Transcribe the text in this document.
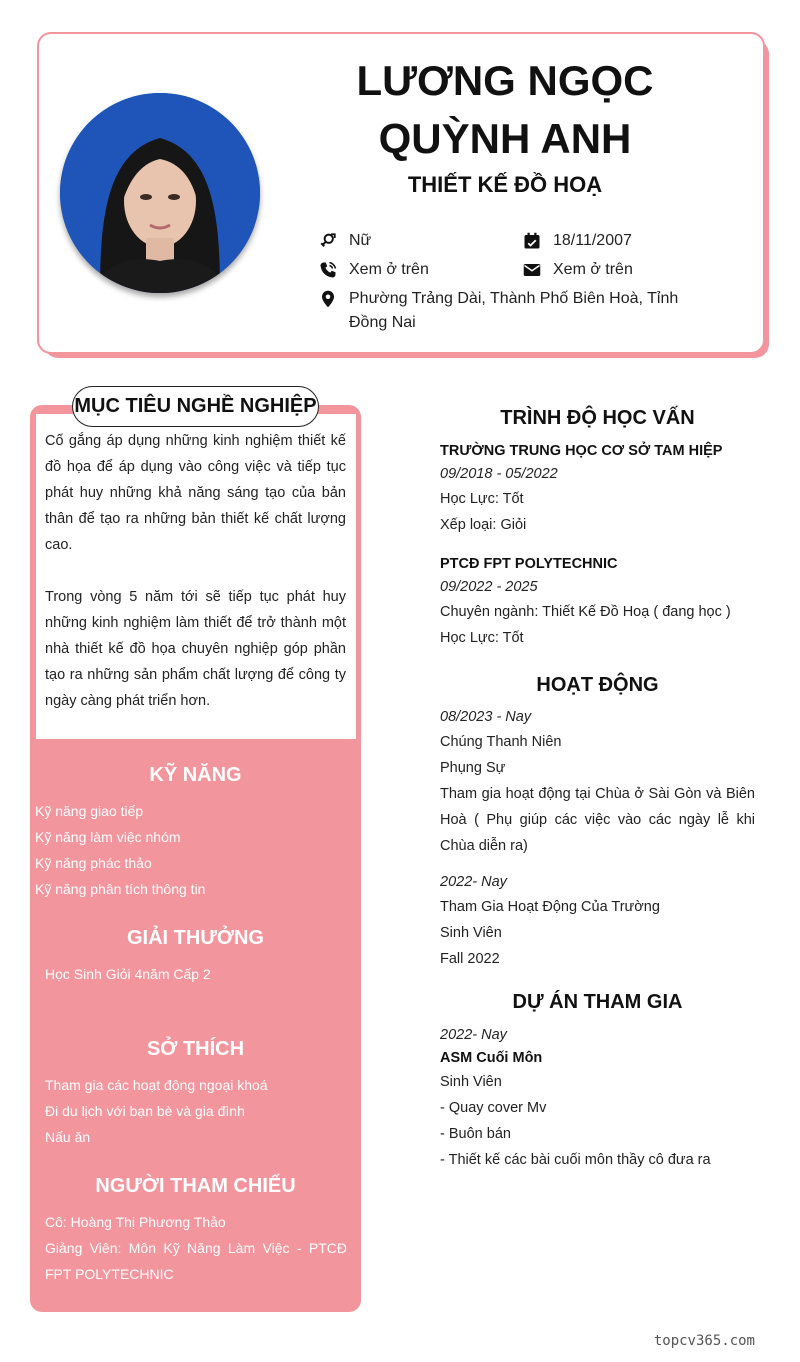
LƯƠNG NGỌC
QUỲNH ANH
THIẾT KẾ ĐỒ HOẠ
Nữ	18/11/2007
Xem ở trên	Xem ở trên
Phường Trảng Dài, Thành Phố Biên Hoà, Tỉnh Đồng Nai
MỤC TIÊU NGHỀ NGHIỆP

Cố gắng áp dụng những kinh nghiệm thiết kế đồ họa để áp dụng vào công việc và tiếp tục phát huy những khả năng sáng tạo của bản thân để tạo ra những bản thiết kế chất lượng cao.

Trong vòng 5 năm tới sẽ tiếp tục phát huy những kinh nghiệm làm thiết để trở thành một nhà thiết kế đồ họa chuyên nghiệp góp phần tạo ra những sản phẩm chất lượng để công ty ngày càng phát triển hơn.

KỸ NĂNG
Kỹ năng giao tiếp
Kỹ năng làm việc nhóm
Kỹ năng phác thảo
Kỹ năng phân tích thông tin
GIẢI THƯỞNG
Học Sinh Giỏi 4năm Cấp 2
SỞ THÍCH
Tham gia các hoạt động ngoại khoá
Đi du lịch với bạn bè và gia đình
Nấu ăn
NGƯỜI THAM CHIẾU
Cô: Hoàng Thị Phương Thảo
Giảng Viên: Môn Kỹ Năng Làm Việc - PTCĐ FPT POLYTECHNIC
TRÌNH ĐỘ HỌC VẤN
TRƯỜNG TRUNG HỌC CƠ SỞ TAM HIỆP
09/2018 - 05/2022
Học Lực: Tốt
Xếp loại: Giỏi
PTCĐ FPT POLYTECHNIC
09/2022 - 2025
Chuyên ngành: Thiết Kế Đồ Hoạ ( đang học )
Học Lực: Tốt
HOẠT ĐỘNG
08/2023 - Nay
Chúng Thanh Niên
Phụng Sự
Tham gia hoạt động tại Chùa ở Sài Gòn và Biên Hoà ( Phụ giúp các việc vào các ngày lễ khi Chùa diễn ra)
2022- Nay
Tham Gia Hoạt Động Của Trường
Sinh Viên
Fall 2022
DỰ ÁN THAM GIA
2022- Nay
ASM Cuối Môn
Sinh Viên
- Quay cover Mv
- Buôn bán
- Thiết kế các bài cuối môn thầy cô đưa ra
topcv365.com
